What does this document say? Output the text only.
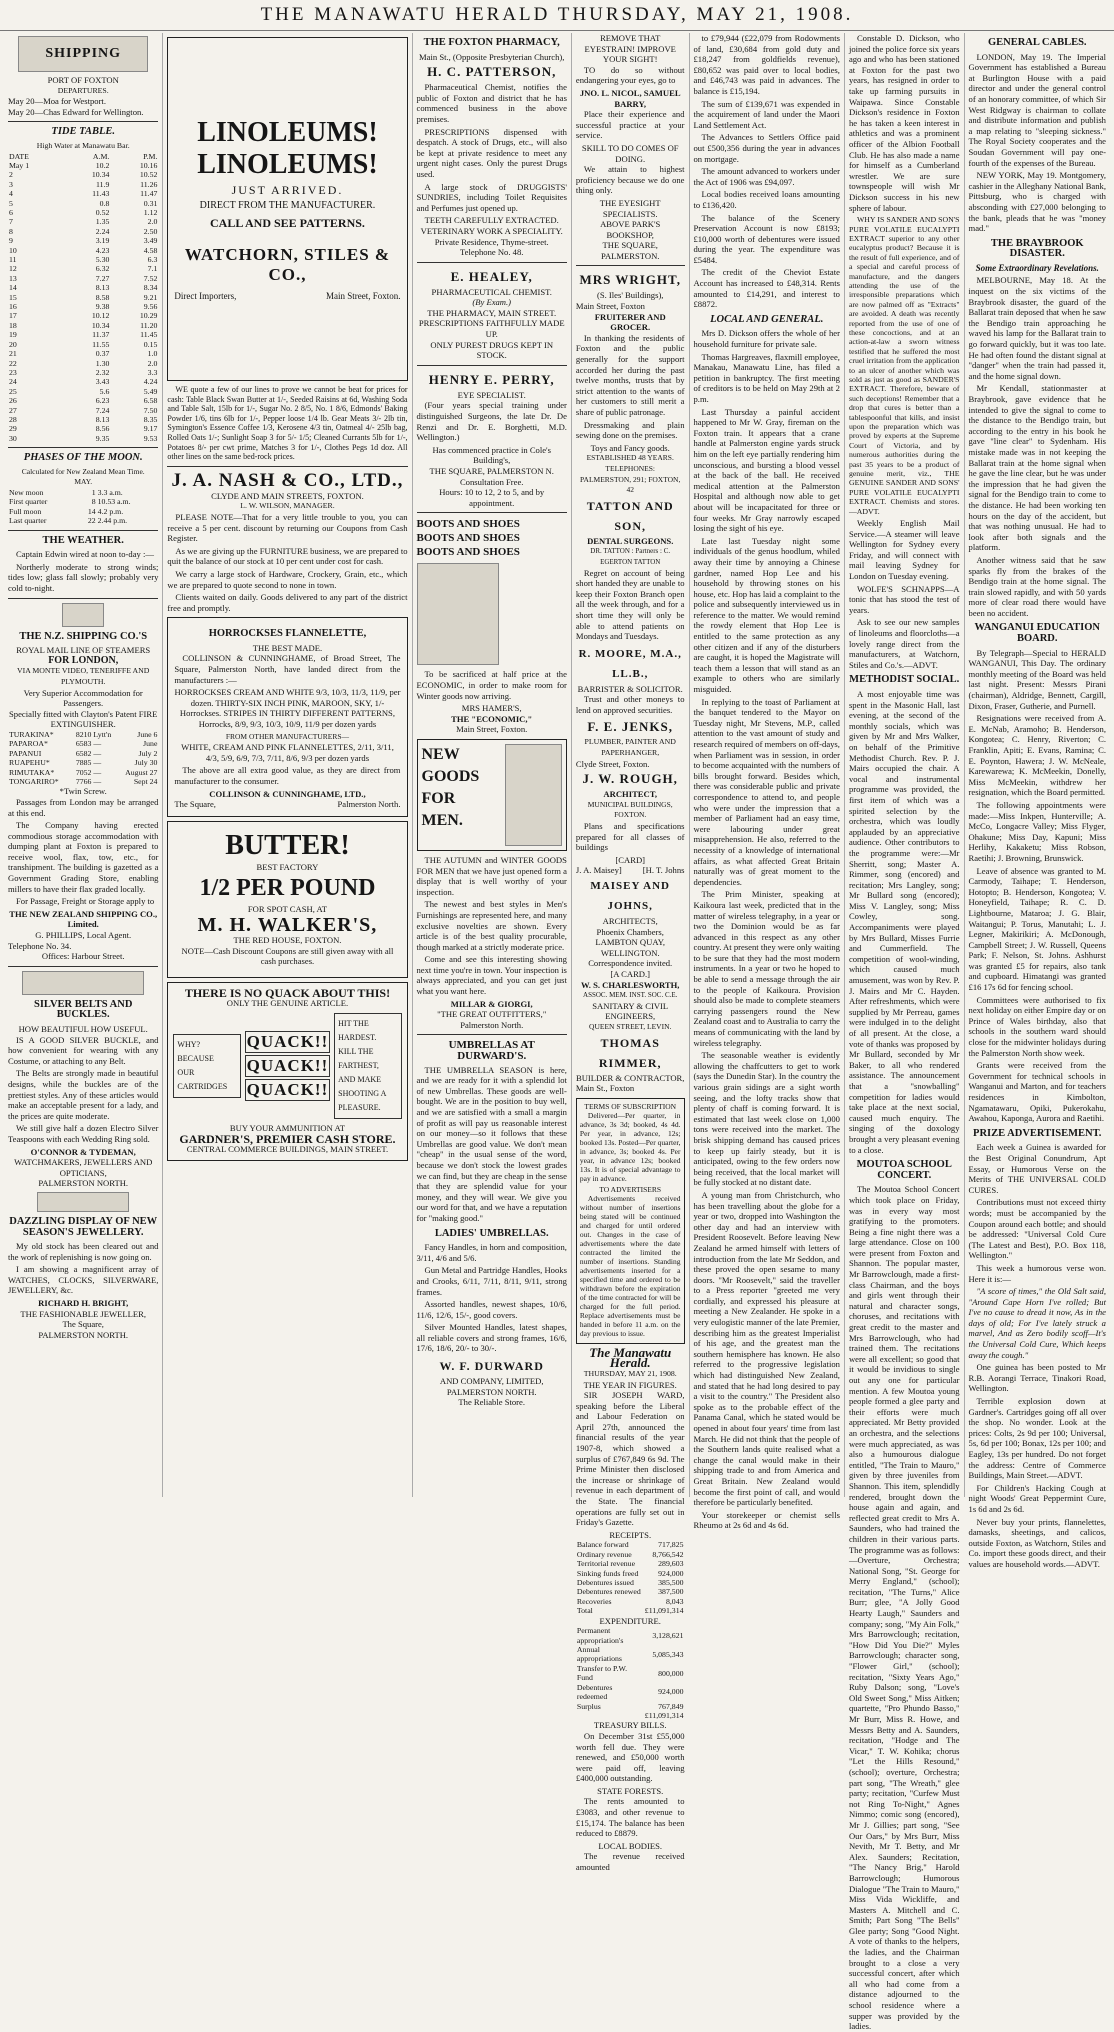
THE MANAWATU HERALD THURSDAY, MAY 21, 1908.
SHIPPING
PORT OF FOXTON
DEPARTURES.
May 20—Moa for Westport.
May 20—Chas Edward for Wellington.
TIDE TABLE.
High Water at Manawatu Bar.
DATE	A.M.	P.M.
May 1	10.2	10.16
2	10.34	10.52
3	11.9	11.26
4	11.43	11.47
5	0.8	0.31
6	0.52	1.12
7	1.35	2.0
8	2.24	2.50
9	3.19	3.49
10	4.23	4.58
11	5.30	6.3
12	6.32	7.1
13	7.27	7.52
14	8.13	8.34
15	8.58	9.21
16	9.38	9.56
17	10.12	10.29
18	10.34	11.20
19	11.37	11.45
20	11.55	0.15
21	0.37	1.0
22	1.30	2.0
23	2.32	3.3
24	3.43	4.24
25	5.6	5.49
26	6.23	6.58
27	7.24	7.50
28	8.13	8.35
29	8.56	9.17
30	9.35	9.53
PHASES OF THE MOON.
Calculated for New Zealand Mean Time.
MAY.
New moon	1	3.3 a.m.
First quarter	8	10.53 a.m.
Full moon	14	4.2 p.m.
Last quarter	22	2.44 p.m.
THE WEATHER.

Captain Edwin wired at noon to-day :—

Northerly moderate to strong winds; tides low; glass fall slowly; probably very cold to-night.

THE N.Z. SHIPPING CO.'S
ROYAL MAIL LINE OF STEAMERS
FOR LONDON,
VIA MONTE VIDEO, TENERIFFE AND PLYMOUTH.
Very Superior Accommodation for Passengers.
Specially fitted with Clayton's Patent FIRE EXTINGUISHER.
TURAKINA*	8210	Lytt'n	June 6
PAPAROA*	6583	—	June
PAPANUI	6582	—	July 2
RUAPEHU*	7885	—	July 30
RIMUTAKA*	7052	—	August 27
TONGARIRO*	7766	—	Sept 24
*Twin Screw.

Passages from London may be arranged at this end.

The Company having erected commodious storage accommodation with dumping plant at Foxton is prepared to receive wool, flax, tow, etc., for transhipment. The building is gazetted as a Government Grading Store, enabling millers to have their flax graded locally.

For Passage, Freight or Storage apply to

THE NEW ZEALAND SHIPPING CO., Limited.
G. PHILLIPS, Local Agent.
Telephone No. 34.
Offices: Harbour Street.
SILVER BELTS AND BUCKLES.
HOW BEAUTIFUL HOW USEFUL.

IS A GOOD SILVER BUCKLE, and how convenient for wearing with any Costume, or attaching to any Belt.

The Belts are strongly made in beautiful designs, while the buckles are of the prettiest styles. Any of these articles would make an acceptable present for a lady, and the prices are quite moderate.

We still give half a dozen Electro Silver Teaspoons with each Wedding Ring sold.

O'CONNOR & TYDEMAN,
WATCHMAKERS, JEWELLERS AND OPTICIANS,
PALMERSTON NORTH.
DAZZLING DISPLAY OF NEW SEASON'S JEWELLERY.

My old stock has been cleared out and the work of replenishing is now going on.

I am showing a magnificent array of WATCHES, CLOCKS, SILVERWARE, JEWELLERY, &c.

RICHARD H. BRIGHT,
THE FASHIONABLE JEWELLER,
The Square,
PALMERSTON NORTH.
LINOLEUMS!
LINOLEUMS!
JUST ARRIVED.
DIRECT FROM THE MANUFACTURER.
CALL AND SEE PATTERNS.
WATCHORN, STILES & CO.,
Direct Importers,	Main Street, Foxton.

WE quote a few of our lines to prove we cannot be beat for prices for cash: Table Black Swan Butter at 1/-, Seeded Raisins at 6d, Washing Soda and Table Salt, 15lb for 1/-, Sugar No. 2 8/5, No. 1 8/6, Edmonds' Baking Powder 1/6, tins 6lb for 1/-, Pepper loose 1/4 lb. Gear Meats 3/- 2lb tin, Symington's Essence Coffee 1/3, Kerosene 4/3 tin, Oatmeal 4/- 25lb bag, Rolled Oats 1/-; Sunlight Soap 3 for 5/- 1/5; Cleaned Currants 5lb for 1/-, Potatoes 8/- per cwt prime, Matches 3 for 1/-, Clothes Pegs 1d doz. All other lines on the same bed-rock prices.

J. A. NASH & CO., LTD.,
CLYDE AND MAIN STREETS, FOXTON.
L. W. WILSON, MANAGER.

PLEASE NOTE—That for a very little trouble to you, you can receive a 5 per cent. discount by returning our Coupons from Cash Register.

As we are giving up the FURNITURE business, we are prepared to quit the balance of our stock at 10 per cent under cost for cash.

We carry a large stock of Hardware, Crockery, Grain, etc., which we are prepared to quote second to none in town.

Clients waited on daily. Goods delivered to any part of the district free and promptly.

HORROCKSES FLANNELETTE,
THE BEST MADE.

COLLINSON & CUNNINGHAME, of Broad Street, The Square, Palmerston North, have landed direct from the manufacturers :—

HORROCKSES CREAM AND WHITE 9/3, 10/3, 11/3, 11/9, per dozen. THIRTY-SIX INCH PINK, MAROON, SKY, 1/- Horrockses. STRIPES IN THIRTY DIFFERENT PATTERNS, Horrocks, 8/9, 9/3, 10/3, 10/9, 11/9 per dozen yards

FROM OTHER MANUFACTURERS—

WHITE, CREAM AND PINK FLANNELETTES, 2/11, 3/11, 4/3, 5/9, 6/9, 7/3, 7/11, 8/6, 9/3 per dozen yards

The above are all extra good value, as they are direct from manufacturer to the consumer.

COLLINSON & CUNNINGHAME, LTD.,
The Square,	Palmerston North.
BUTTER!
BEST FACTORY
1/2 PER POUND
FOR SPOT CASH, AT
M. H. WALKER'S,
THE RED HOUSE, FOXTON.

NOTE—Cash Discount Coupons are still given away with all cash purchases.

THERE IS NO QUACK ABOUT THIS!
ONLY THE GENUINE ARTICLE.
WHY?
BECAUSE
OUR CARTRIDGES
QUACK!!
QUACK!!
QUACK!!
HIT THE HARDEST.
KILL THE FARTHEST,
AND MAKE SHOOTING A PLEASURE.
BUY YOUR AMMUNITION AT
GARDNER'S, PREMIER CASH STORE.
CENTRAL COMMERCE BUILDINGS, MAIN STREET.
THE FOXTON PHARMACY,
Main St., (Opposite Presbyterian Church),
H. C. PATTERSON,

Pharmaceutical Chemist, notifies the public of Foxton and district that he has commenced business in the above premises.

PRESCRIPTIONS dispensed with despatch. A stock of Drugs, etc., will also be kept at private residence to meet any urgent night cases. Only the purest Drugs used.

A large stock of DRUGGISTS' SUNDRIES, including Toilet Requisites and Perfumes just opened up.

TEETH CAREFULLY EXTRACTED.
VETERINARY WORK A SPECIALITY.
Private Residence, Thyme-street. Telephone No. 48.
E. HEALEY,
PHARMACEUTICAL CHEMIST.
(By Exam.)
THE PHARMACY, MAIN STREET.
PRESCRIPTIONS FAITHFULLY MADE UP.
ONLY PUREST DRUGS KEPT IN STOCK.
HENRY E. PERRY,
EYE SPECIALIST.

(Four years special training under distinguished Surgeons, the late Dr. De Renzi and Dr. E. Borghetti, M.D. Wellington.)

Has commenced practice in Cole's Building's,
THE SQUARE, PALMERSTON N. Consultation Free.
Hours: 10 to 12, 2 to 5, and by appointment.
BOOTS AND SHOES
BOOTS AND SHOES
BOOTS AND SHOES

To be sacrificed at half price at the ECONOMIC, in order to make room for Winter goods now arriving.

MRS HAMER'S,
THE "ECONOMIC,"
Main Street, Foxton.
NEW
GOODS
FOR
MEN.

THE AUTUMN and WINTER GOODS FOR MEN that we have just opened form a display that is well worthy of your inspection.

The newest and best styles in Men's Furnishings are represented here, and many exclusive novelties are shown. Every article is of the best quality procurable, though marked at a strictly moderate price.

Come and see this interesting showing next time you're in town. Your inspection is always appreciated, and you can get just what you want here.

MILLAR & GIORGI,
"THE GREAT OUTFITTERS,"
Palmerston North.
UMBRELLAS AT DURWARD'S.

THE UMBRELLA SEASON is here, and we are ready for it with a splendid lot of new Umbrellas. These goods are well-bought. We are in the position to buy well, and we are satisfied with a small a margin of profit as will pay us reasonable interest on our money—so it follows that these Umbrellas are good value. We don't mean "cheap" in the usual sense of the word, because we don't stock the lowest grades we can find, but they are cheap in the sense that they are splendid value for your money, and they will wear. We give you our word for that, and we have a reputation for "making good."

LADIES' UMBRELLAS.

Fancy Handles, in horn and composition, 3/11, 4/6 and 5/6.

Gun Metal and Partridge Handles, Hooks and Crooks, 6/11, 7/11, 8/11, 9/11, strong frames.

Assorted handles, newest shapes, 10/6, 11/6, 12/6, 15/-, good covers.

Silver Mounted Handles, latest shapes, all reliable covers and strong frames, 16/6, 17/6, 18/6, 20/- to 30/-.

W. F. DURWARD
AND COMPANY, LIMITED,
PALMERSTON NORTH.
The Reliable Store.
REMOVE THAT EYESTRAIN! IMPROVE YOUR SIGHT!

TO do so without endangering your eyes, go to

JNO. L. NICOL, SAMUEL BARRY,

Place their experience and successful practice at your service.

SKILL TO DO COMES OF DOING.

We attain to highest proficiency because we do one thing only.

THE EYESIGHT SPECIALISTS.
ABOVE PARK'S BOOKSHOP,
THE SQUARE, PALMERSTON.
MRS WRIGHT,
(S. Iles' Buildings),
Main Street, Foxton
FRUITERER AND GROCER.

In thanking the residents of Foxton and the public generally for the support accorded her during the past twelve months, trusts that by strict attention to the wants of her customers to still merit a share of public patronage.

Dressmaking and plain sewing done on the premises.

Toys and Fancy goods.
ESTABLISHED 48 YEARS.
TELEPHONES:
PALMERSTON, 291; FOXTON, 42
TATTON AND SON,
DENTAL SURGEONS.
DR. TATTON : Partners : C. EGERTON TATTON

Regret on account of being short handed they are unable to keep their Foxton Branch open all the week through, and for a short time they will only be able to attend patients on Mondays and Tuesdays.

R. MOORE, M.A., LL.B.,
BARRISTER & SOLICITOR.

Trust and other moneys to lend on approved securities.

F. E. JENKS,
PLUMBER, PAINTER AND PAPERHANGER,
Clyde Street, Foxton.
J. W. ROUGH,
ARCHITECT,
MUNICIPAL BUILDINGS, FOXTON.

Plans and specifications prepared for all classes of buildings

[CARD]
J. A. Maisey] [H. T. Johns
MAISEY AND JOHNS,
ARCHITECTS,
Phoenix Chambers,
LAMBTON QUAY, WELLINGTON.
Correspondence invited.
[A CARD.]
W. S. CHARLESWORTH,
ASSOC. MEM. INST. SOC. C.E.
SANITARY & CIVIL ENGINEERS,
QUEEN STREET, LEVIN.
THOMAS RIMMER,
BUILDER & CONTRACTOR,
Main St., Foxton
TERMS OF SUBSCRIPTION

Delivered—Per quarter, in advance, 3s 3d; booked, 4s 4d. Per year, in advance, 12s; booked 13s. Posted—Per quarter, in advance, 3s; booked 4s. Per year, in advance 12s; booked 13s. It is of special advantage to pay in advance.

TO ADVERTISERS

Advertisements received without number of insertions being stated will be continued and charged for until ordered out. Changes in the case of advertisements where the date contracted the limited the number of insertions. Standing advertisements inserted for a specified time and ordered to be withdrawn before the expiration of the time contracted for will be charged for the full period. Replace advertisements must be handed in before 11 a.m. on the day previous to issue.

The Manawatu Herald.
THURSDAY, MAY 21, 1908.
THE YEAR IN FIGURES.

SIR JOSEPH WARD, speaking before the Liberal and Labour Federation on April 27th, announced the financial results of the year 1907-8, which showed a surplus of £767,849 6s 9d. The Prime Minister then disclosed the increase or shrinkage of revenue in each department of the State. The financial operations are fully set out in Friday's Gazette.

RECEIPTS.
Balance forward	717,825
Ordinary revenue	8,766,542
Territorial revenue	289,603
Sinking funds freed	924,000
Debentures issued	385,500
Debentures renewed	387,500
Recoveries	8,043
Total	£11,091,314
EXPENDITURE.
Permanent appropriation's	3,128,621
Annual appropriations	5,085,343
Transfer to P.W. Fund	800,000
Debentures redeemed	924,000
Surplus	767,849
	£11,091,314
TREASURY BILLS.

On December 31st £55,000 worth fell due. They were renewed, and £50,000 worth were paid off, leaving £400,000 outstanding.

STATE FORESTS.

The rents amounted to £3083, and other revenue to £15,174. The balance has been reduced to £8879.

LOCAL BODIES.

The revenue received amounted

to £79,944 (£22,079 from Rodowments of land, £30,684 from gold duty and £18,247 from goldfields revenue), £80,652 was paid over to local bodies, and £46,743 was paid in advances. The balance is £15,194.

The sum of £139,671 was expended in the acquirement of land under the Maori Land Settlement Act.

The Advances to Settlers Office paid out £500,356 during the year in advances on mortgage.

The amount advanced to workers under the Act of 1906 was £94,097.

Local bodies received loans amounting to £136,420.

The balance of the Scenery Preservation Account is now £8193; £10,000 worth of debentures were issued during the year. The expenditure was £5484.

The credit of the Cheviot Estate Account has increased to £48,314. Rents amounted to £14,291, and interest to £8872.

LOCAL AND GENERAL.

Mrs D. Dickson offers the whole of her household furniture for private sale.

Thomas Hargreaves, flaxmill employee, Manakau, Manawatu Line, has filed a petition in bankruptcy. The first meeting of creditors is to be held on May 29th at 2 p.m.

Last Thursday a painful accident happened to Mr W. Gray, fireman on the Foxton train. It appears that a crane handle at Palmerston engine yards struck him on the left eye partially rendering him unconscious, and bursting a blood vessel at the back of the ball. He received medical attention at the Palmerston Hospital and although now able to get about will be incapacitated for three or four weeks. Mr Gray narrowly escaped losing the sight of his eye.

Late last Tuesday night some individuals of the genus hoodlum, whiled away their time by annoying a Chinese gardner, named Hop Lee and his household by throwing stones on his house, etc. Hop has laid a complaint to the police and subsequently interviewed us in reference to the matter. We would remind the rowdy element that Hop Lee is entitled to the same protection as any other citizen and if any of the disturbers are caught, it is hoped the Magistrate will teach them a lesson that will stand as an example to others who are similarly misguided.

In replying to the toast of Parliament at the banquet tendered to the Mayor on Tuesday night, Mr Stevens, M.P., called attention to the vast amount of study and research required of members on off-days, when Parliament was in session, in order to become acquainted with the numbers of bills brought forward. Besides which, there was considerable public and private correspondence to attend to, and people who were under the impression that a member of Parliament had an easy time, were labouring under great misapprehension. He also, referred to the necessity of a knowledge of international affairs, as what affected Great Britain naturally was of great moment to the dependencies.

The Prim Minister, speaking at Kaikoura last week, predicted that in the matter of wireless telegraphy, in a year or two the Dominion would be as far advanced in this respect as any other country. At present they were only waiting to be sure that they had the most modern instruments. In a year or two he hoped to be able to send a message through the air to the people of Kaikoura. Provision should also be made to complete steamers carrying passengers round the New Zealand coast and to Australia to carry the means of communicating with the land by wireless telegraphy.

The seasonable weather is evidently allowing the chaffcutters to get to work (says the Dunedin Star). In the country the various grain sidings are a sight worth seeing, and the lofty tracks show that plenty of chaff is coming forward. It is estimated that last week close on 1,000 tons were received into the market. The brisk shipping demand has caused prices to keep up fairly steady, but it is anticipated, owing to the few orders now being received, that the local market will be fully stocked at no distant date.

A young man from Christchurch, who has been travelling about the globe for a year or two, dropped into Washington the other day and had an interview with President Roosevelt. Before leaving New Zealand he armed himself with letters of introduction from the late Mr Seddon, and these proved the open sesame to many doors. "Mr Roosevelt," said the traveller to a Press reporter "greeted me very cordially, and expressed his pleasure at meeting a New Zealander. He spoke in a very eulogistic manner of the late Premier, describing him as the greatest Imperialist of his age, and the greatest man the southern hemisphere has known. He also referred to the progressive legislation which had distinguished New Zealand, and stated that he had long desired to pay a visit to the country." The President also spoke as to the probable effect of the Panama Canal, which he stated would be opened in about four years' time from last March. He did not think that the people of the Southern lands quite realised what a change the canal would make in their shipping trade to and from America and Great Britain. New Zealand would become the first point of call, and would therefore be particularly benefited.

Your storekeeper or chemist sells Rheumo at 2s 6d and 4s 6d.

Constable D. Dickson, who joined the police force six years ago and who has been stationed at Foxton for the past two years, has resigned in order to take up farming pursuits in Waipawa. Since Constable Dickson's residence in Foxton he has taken a keen interest in athletics and was a prominent officer of the Albion Football Club. He has also made a name for himself as a Cumberland wrestler. We are sure townspeople will wish Mr Dickson success in his new sphere of labour.

WHY IS SANDER AND SON'S PURE VOLATILE EUCALYPTI EXTRACT superior to any other eucalyptus product? Because it is the result of full experience, and of a special and careful process of manufacture, and the dangers attending the use of the irresponsible preparations which are now palmed off as "Extracts" are avoided. A death was recently reported from the use of one of these concoctions, and at an action-at-law a sworn witness testified that he suffered the most cruel irritation from the application to an ulcer of another which was sold as just as good as SANDER'S EXTRACT. Therefore, beware of such deceptions! Remember that a drop that cures is better than a tablespoonful that kills, and insist upon the preparation which was proved by experts at the Supreme Court of Victoria, and by numerous authorities during the past 35 years to be a product of genuine merit, viz., THE GENUINE SANDER AND SONS' PURE VOLATILE EUCALYPTI EXTRACT. Chemists and stores.—ADVT.

Weekly English Mail Service.—A steamer will leave Wellington for Sydney every Friday, and will connect with mail leaving Sydney for London on Tuesday evening.

WOLFE'S SCHNAPPS—A tonic that has stood the test of years.

Ask to see our new samples of linoleums and floorcloths—a lovely range direct from the manufacturers, at Watchorn, Stiles and Co.'s.—ADVT.

METHODIST SOCIAL.

A most enjoyable time was spent in the Masonic Hall, last evening, at the second of the monthly socials, which was given by Mr and Mrs Walker, on behalf of the Primitive Methodist Church. Rev. P. J. Mairs occupied the chair. A vocal and instrumental programme was provided, the first item of which was a spirited selection by the orchestra, which was loudly applauded by an appreciative audience. Other contributors to the programme were:—Mr Sherritt, song; Master A. Rimmer, song (encored) and recitation; Mrs Langley, song; Mr Bullard song (encored); Miss V. Langley, song; Miss Cowley, song. Accompaniments were played by Mrs Bullard, Misses Furrie and Cummerfield. The competition of wool-winding, which caused much amusement, was won by Rev. P. J. Mairs and Mr C. Hayden. After refreshments, which were supplied by Mr Perreau, games were indulged in to the delight of all present. At the close, a vote of thanks was proposed by Mr Bullard, seconded by Mr Baker, to all who rendered assistance. The announcement that a "snowballing" competition for ladies would take place at the next social, caused much enquiry. The singing of the doxology brought a very pleasant evening to a close.

MOUTOA SCHOOL CONCERT.

The Moutoa School Concert which took place on Friday, was in every way most gratifying to the promoters. Being a fine night there was a large attendance. Close on 100 were present from Foxton and Shannon. The popular master, Mr Barrowclough, made a first-class Chairman, and the boys and girls went through their natural and character songs, choruses, and recitations with great credit to the master and Mrs Barrowclough, who had trained them. The recitations were all excellent; so good that it would be invidious to single out any one for particular mention. A few Moutoa young people formed a glee party and their efforts were much appreciated. Mr Betty provided an orchestra, and the selections were much appreciated, as was also a humourous dialogue entitled, "The Train to Mauro," given by three juveniles from Shannon. This item, splendidly rendered, brought down the house again and again, and reflected great credit to Mrs A. Saunders, who had trained the children in their various parts. The programme was as follows:—Overture, Orchestra; National Song, "St. George for Merry England," (school); recitation, "The Turns," Alice Burr; glee, "A Jolly Good Hearty Laugh," Saunders and company; song, "My Ain Folk," Mrs Barrowclough; recitation, "How Did You Die?" Myles Barrowclough; character song, "Flower Girl," (school); recitation, "Sixty Years Ago," Ruby Dalson; song, "Love's Old Sweet Song," Miss Aitken; quartette, "Pro Phundo Basso," Mr Burr, Miss R. Howe, and Messrs Betty and A. Saunders, recitation, "Hodge and The Vicar," T. W. Kohika; chorus "Let the Hills Resound," (school); overture, Orchestra; part song, "The Wreath," glee party; recitation, "Curfew Must not Ring To-Night," Agnes Nimmo; comic song (encored), Mr J. Gillies; part song, "See Our Oars," by Mrs Burr, Miss Nevith, Mr T. Betty, and Mr Alex. Saunders; Recitation, "The Nancy Brig," Harold Barrowclough; Humorous Dialogue "The Train to Mauro," Miss Vida Wickliffe, and Masters A. Mitchell and C. Smith; Part Song "The Bells" Glee party; Song "Good Night. A vote of thanks to the helpers, the ladies, and the Chairman brought to a close a very successful concert, after which all who had come from a distance adjourned to the school residence where a supper was provided by the ladies.

GENERAL CABLES.

LONDON, May 19. The Imperial Government has established a Bureau at Burlington House with a paid director and under the general control of an honorary committee, of which Sir West Ridgway is chairman to collate and distribute information and publish a map relating to "sleeping sickness." The Royal Society cooperates and the Soudan Government will pay one-fourth of the expenses of the Bureau.

NEW YORK, May 19. Montgomery, cashier in the Alleghany National Bank, Pittsburg, who is charged with absconding with £27,000 belonging to the bank, pleads that he was "money mad."

THE BRAYBROOK DISASTER.
Some Extraordinary Revelations.

MELBOURNE, May 18. At the inquest on the six victims of the Braybrook disaster, the guard of the Ballarat train deposed that when he saw the Bendigo train approaching he waved his lamp for the Ballarat train to go forward quickly, but it was too late. He had often found the distant signal at "danger" when the train had passed it, and the home signal down.

Mr Kendall, stationmaster at Braybrook, gave evidence that he intended to give the signal to come to the distance to the Bendigo train, but according to the entry in his book he gave "line clear" to Sydenham. His mistake made was in not keeping the Ballarat train at the home signal when he gave the line clear, but he was under the impression that he had given the signal for the Bendigo train to come to the distance. He had been working ten hours on the day of the accident, but that was nothing unusual. He had to look after both signals and the platform.

Another witness said that he saw sparks fly from the brakes of the Bendigo train at the home signal. The train slowed rapidly, and with 50 yards more of clear road there would have been no accident.

WANGANUI EDUCATION BOARD.

By Telegraph—Special to HERALD WANGANUI, This Day. The ordinary monthly meeting of the Board was held last night. Present: Messrs Pirani (chairman), Aldridge, Bennett, Cargill, Dixon, Fraser, Gutherie, and Purnell.

Resignations were received from A. E. McNab, Aramoho; B. Henderson, Kongotea; C. Henry, Riverton; C. Franklin, Apiti; E. Evans, Ramina; C. E. Poynton, Hawera; J. W. McNeale, Karewarewa; K. McMeekin, Donelly, Miss McMeekin, withdrew her resignation, which the Board permitted.

The following appointments were made:—Miss Inkpen, Hunterville; A. McCo, Longacre Valley; Miss Flyger, Ohakune; Miss Day, Kapuni; Miss Herlihy, Kakaketu; Miss Robson, Raetihi; J. Browning, Brunswick.

Leave of absence was granted to M. Carmody, Taihape; T. Henderson, Hotopto; B. Henderson, Kongotea; V. Honeyfield, Taihape; R. C. D. Lightbourne, Mataroa; J. G. Blair, Waitangui; P. Torus, Manutahi; L. J. Legner, Makirikiri; A. McDonough, Campbell Street; J. W. Russell, Queens Park; F. Nelson, St. Johns. Ashhurst was granted £5 for repairs, also tank and cupboard. Himatangi was granted £16 17s 6d for fencing school.

Committees were authorised to fix next holiday on either Empire day or on Prince of Wales birthday, also that schools in the southern ward should close for the midwinter holidays during the Palmerston North show week.

Grants were received from the Government for technical schools in Wanganui and Marton, and for teachers residences in Kimbolton, Ngamatawaru, Opiki, Pukerokahu, Awahou, Kaponga, Aurora and Raetihi.

PRIZE ADVERTISEMENT.

Each week a Guinea is awarded for the Best Original Conundrum, Apt Essay, or Humorous Verse on the Merits of THE UNIVERSAL COLD CURES.

Contributions must not exceed thirty words; must be accompanied by the Coupon around each bottle; and should be addressed: "Universal Cold Cure (The Latest and Best), P.O. Box 118, Wellington."

This week a humorous verse won. Here it is:—

"A score of times," the Old Salt said, "Around Cape Horn I've rolled; But I've no cause to dread it now, As in the days of old; For I've lately struck a marvel, And as Zero bodily scoff—It's the Universal Cold Cure, Which keeps away the cough."

One guinea has been posted to Mr R.B. Aorangi Terrace, Tinakori Road, Wellington.

Terrible explosion down at Gardner's. Cartridges going off all over the shop. No wonder. Look at the prices: Colts, 2s 9d per 100; Universal, 5s, 6d per 100; Bonax, 12s per 100; and Eagley, 13s per hundred. Do not forget the address: Centre of Commerce Buildings, Main Street.—ADVT.

For Children's Hacking Cough at night Woods' Great Peppermint Cure, 1s 6d and 2s 6d.

Never buy your prints, flannelettes, damasks, sheetings, and calicos, outside Foxton, as Watchorn, Stiles and Co. import these goods direct, and their values are household words.—ADVT.
